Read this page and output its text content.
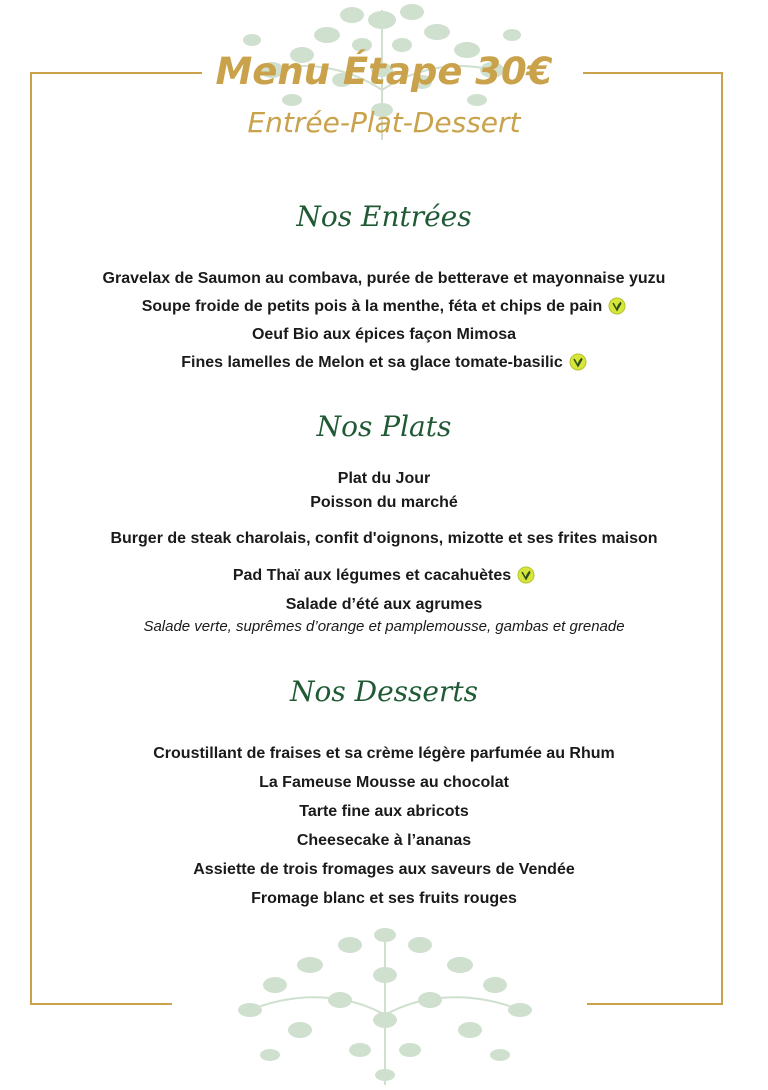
Menu Étape 30€
Entrée-Plat-Dessert
Nos Entrées
Gravelax de Saumon au combava, purée de betterave et mayonnaise yuzu
Soupe froide de petits pois à la menthe, féta et chips de pain
Oeuf Bio aux épices façon Mimosa
Fines lamelles de Melon et sa glace tomate-basilic
Nos Plats
Plat du Jour
Poisson du marché
Burger de steak charolais, confit d'oignons, mizotte et ses frites maison
Pad Thaï aux légumes et cacahuètes
Salade d’été aux agrumes
Salade verte, suprêmes d’orange et pamplemousse, gambas et grenade
Nos Desserts
Croustillant de fraises et sa crème légère parfumée au Rhum
La Fameuse Mousse au chocolat
Tarte fine aux abricots
Cheesecake à l’ananas
Assiette de trois fromages aux saveurs de Vendée
Fromage blanc et ses fruits rouges
